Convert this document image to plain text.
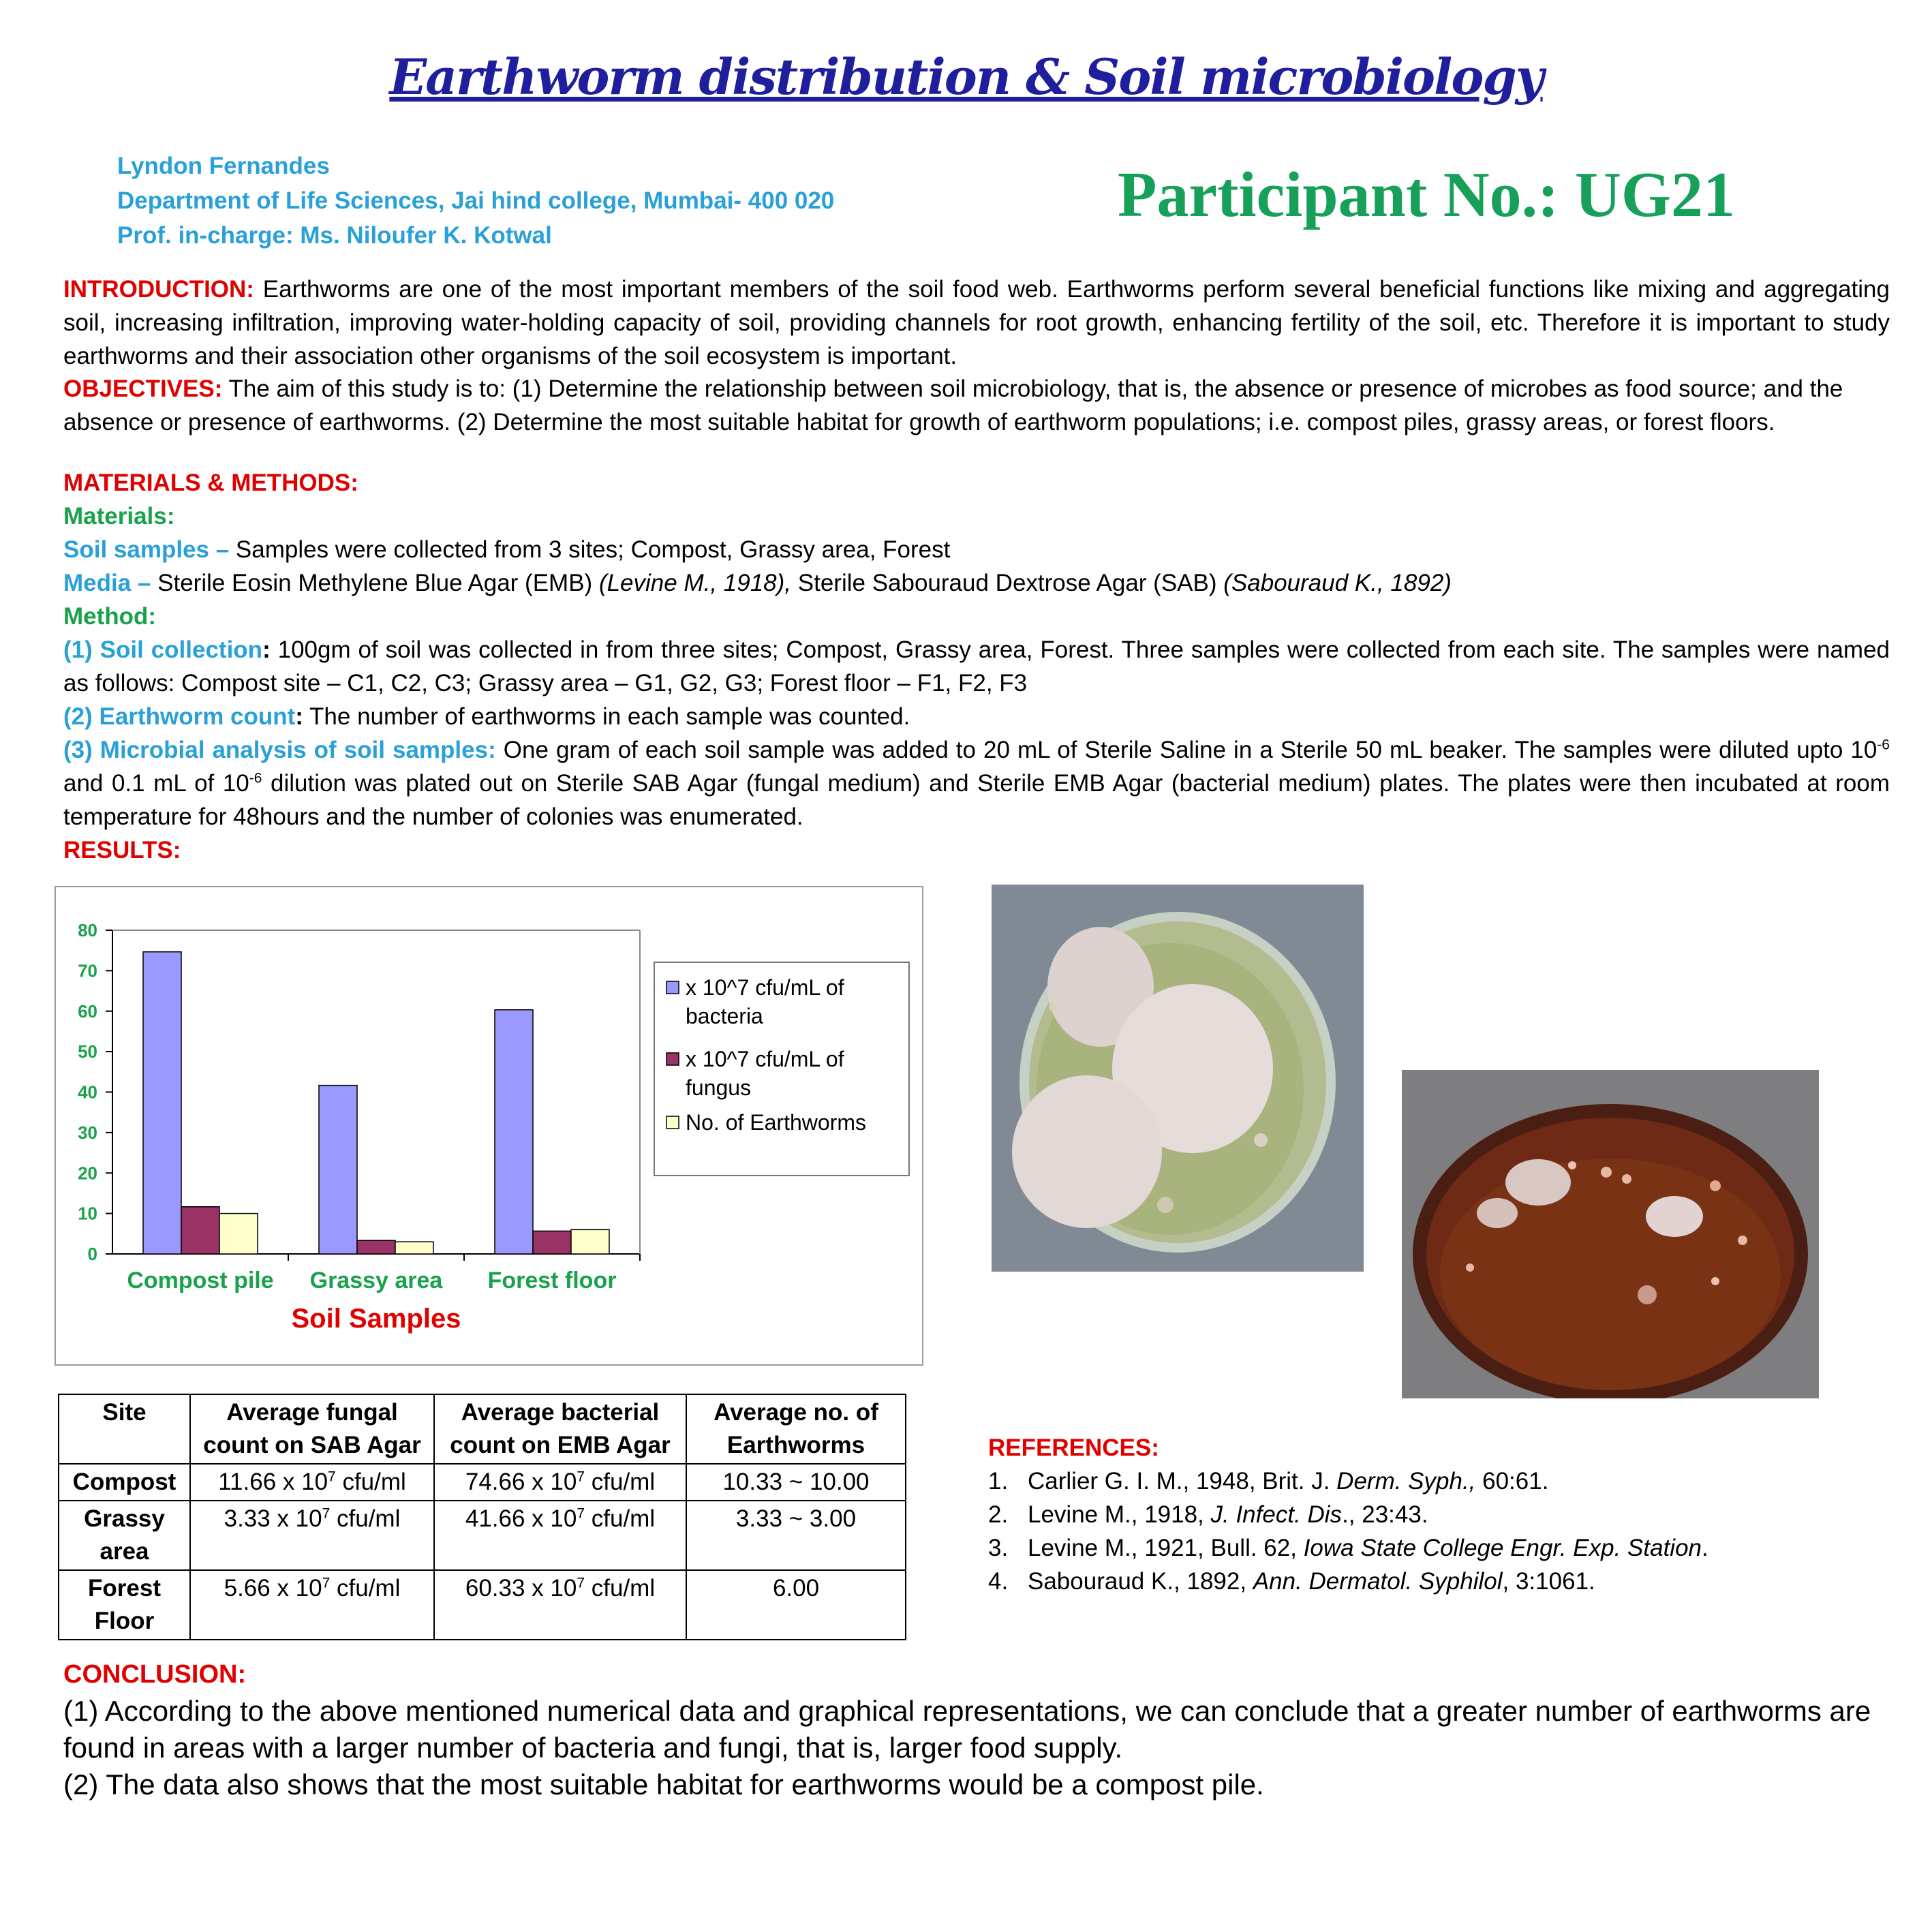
Earthworm distribution & Soil microbiology
Lyndon Fernandes
Department of Life Sciences, Jai hind college, Mumbai- 400 020
Prof. in-charge: Ms. Niloufer K. Kotwal
Participant No.: UG21
INTRODUCTION: Earthworms are one of the most important members of the soil food web. Earthworms perform several beneficial functions like mixing and aggregating soil, increasing infiltration, improving water-holding capacity of soil, providing channels for root growth, enhancing fertility of the soil, etc. Therefore it is important to study earthworms and their association other organisms of the soil ecosystem is important.
OBJECTIVES: The aim of this study is to: (1) Determine the relationship between soil microbiology, that is, the absence or presence of microbes as food source; and the absence or presence of earthworms. (2) Determine the most suitable habitat for growth of earthworm populations; i.e. compost piles, grassy areas, or forest floors.
MATERIALS & METHODS:
Materials:
Soil samples – Samples were collected from 3 sites; Compost, Grassy area, Forest
Media – Sterile Eosin Methylene Blue Agar (EMB) (Levine M., 1918), Sterile Sabouraud Dextrose Agar (SAB) (Sabouraud K., 1892)
Method:
(1) Soil collection: 100gm of soil was collected in from three sites; Compost, Grassy area, Forest. Three samples were collected from each site. The samples were named as follows: Compost site – C1, C2, C3; Grassy area – G1, G2, G3; Forest floor – F1, F2, F3
(2) Earthworm count: The number of earthworms in each sample was counted.
(3) Microbial analysis of soil samples: One gram of each soil sample was added to 20 mL of Sterile Saline in a Sterile 50 mL beaker. The samples were diluted upto $10^{-6}$ and 0.1 mL of $10^{-6}$ dilution was plated out on Sterile SAB Agar (fungal medium) and Sterile EMB Agar (bacterial medium) plates. The plates were then incubated at room temperature for 48hours and the number of colonies was enumerated.
RESULTS:
0
10
20
30
40
50
60
70
80
Compost pile Grassy area Forest floor
Soil Samples
x 10^7 cfu/mL of
bacteria
x 10^7 cfu/mL of
fungus
No. of Earthworms
Site	Average fungal count on SAB Agar	Average bacterial count on EMB Agar	Average no. of Earthworms
Compost	11.66 x $10^7$ cfu/ml	74.66 x $10^7$ cfu/ml	10.33 ~ 10.00
Grassy area	3.33 x $10^7$ cfu/ml	41.66 x $10^7$ cfu/ml	3.33 ~ 3.00
Forest Floor	5.66 x $10^7$ cfu/ml	60.33 x $10^7$ cfu/ml	6.00
REFERENCES:
1. Carlier G. I. M., 1948, Brit. J. Derm. Syph., 60:61.
2. Levine M., 1918, J. Infect. Dis., 23:43.
3. Levine M., 1921, Bull. 62, Iowa State College Engr. Exp. Station.
4. Sabouraud K., 1892, Ann. Dermatol. Syphilol, 3:1061.
CONCLUSION:
(1) According to the above mentioned numerical data and graphical representations, we can conclude that a greater number of earthworms are found in areas with a larger number of bacteria and fungi, that is, larger food supply.
(2) The data also shows that the most suitable habitat for earthworms would be a compost pile.
